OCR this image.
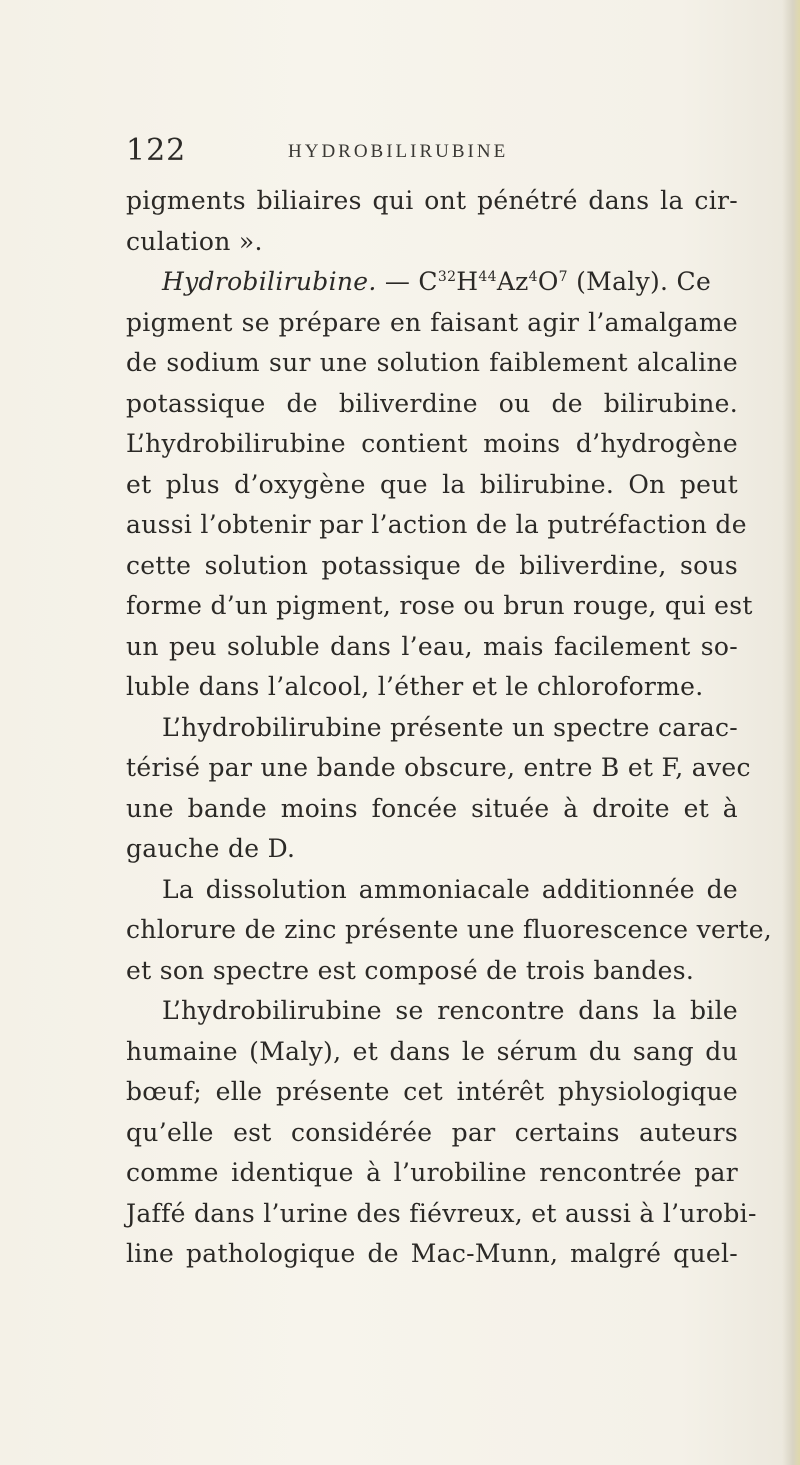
122	HYDROBILIRUBINE
pigments biliaires qui ont pénétré dans la cir-
culation ».
Hydrobilirubine. — $C^{32}H^{44}Az^4O^7$ (Maly). Ce
pigment se prépare en faisant agir l’amalgame
de sodium sur une solution faiblement alcaline
potassique de biliverdine ou de bilirubine.
L’hydrobilirubine contient moins d’hydrogène
et plus d’oxygène que la bilirubine. On peut
aussi l’obtenir par l’action de la putréfaction de
cette solution potassique de biliverdine, sous
forme d’un pigment, rose ou brun rouge, qui est
un peu soluble dans l’eau, mais facilement so-
luble dans l’alcool, l’éther et le chloroforme.
L’hydrobilirubine présente un spectre carac-
térisé par une bande obscure, entre B et F, avec
une bande moins foncée située à droite et à
gauche de D.
La dissolution ammoniacale additionnée de
chlorure de zinc présente une fluorescence verte,
et son spectre est composé de trois bandes.
L’hydrobilirubine se rencontre dans la bile
humaine (Maly), et dans le sérum du sang du
bœuf; elle présente cet intérêt physiologique
qu’elle est considérée par certains auteurs
comme identique à l’urobiline rencontrée par
Jaffé dans l’urine des fiévreux, et aussi à l’urobi-
line pathologique de Mac-Munn, malgré quel-
